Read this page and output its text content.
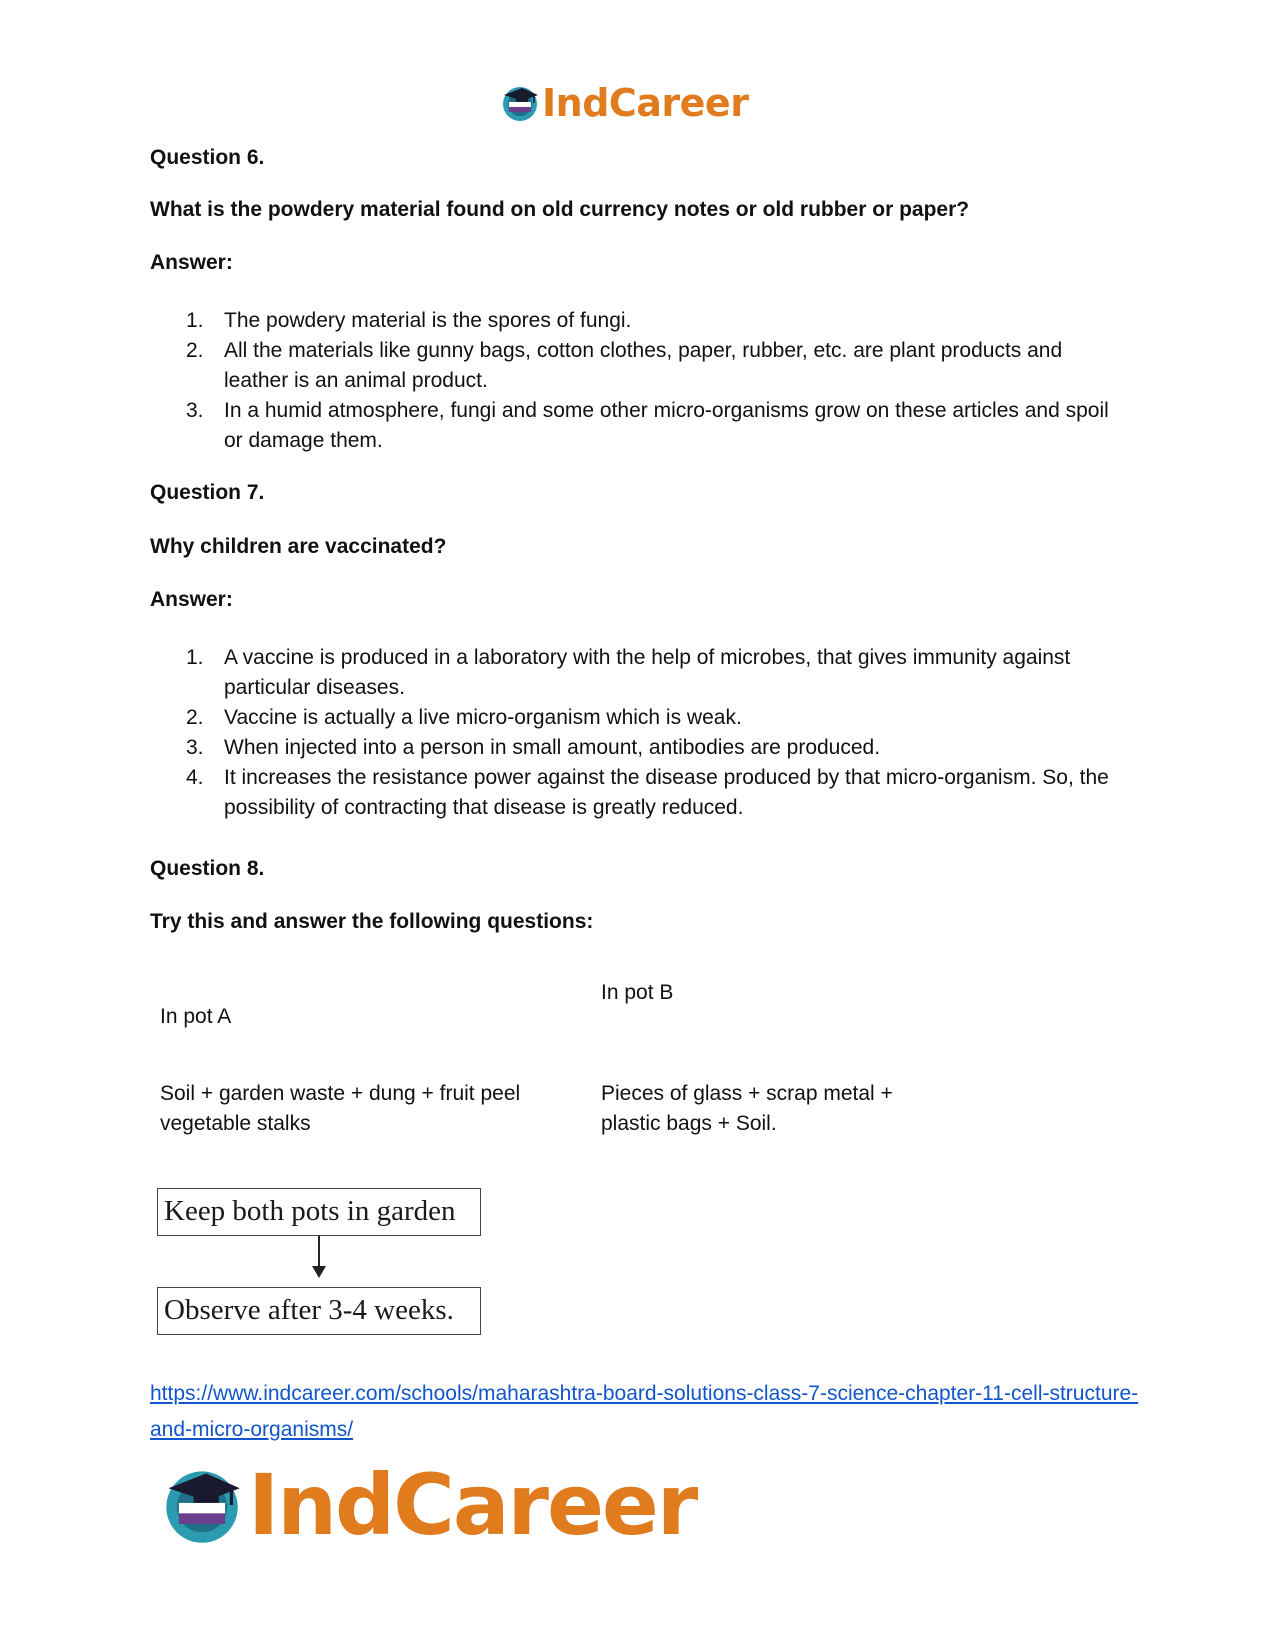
IndCareer

Question 6.

What is the powdery material found on old currency notes or old rubber or paper?

Answer:

1. The powdery material is the spores of fungi.
2. All the materials like gunny bags, cotton clothes, paper, rubber, etc. are plant products and leather is an animal product.
3. In a humid atmosphere, fungi and some other micro-organisms grow on these articles and spoil or damage them.

Question 7.

Why children are vaccinated?

Answer:

1. A vaccine is produced in a laboratory with the help of microbes, that gives immunity against particular diseases.
2. Vaccine is actually a live micro-organism which is weak.
3. When injected into a person in small amount, antibodies are produced.
4. It increases the resistance power against the disease produced by that micro-organism. So, the possibility of contracting that disease is greatly reduced.

Question 8.

Try this and answer the following questions:

In pot A
In pot B
Soil + garden waste + dung + fruit peel vegetable stalks
Pieces of glass + scrap metal + plastic bags + Soil.
Keep both pots in garden
Observe after 3-4 weeks.
https://www.indcareer.com/schools/maharashtra-board-solutions-class-7-science-chapter-11-cell-structure-and-micro-organisms/
IndCareer
